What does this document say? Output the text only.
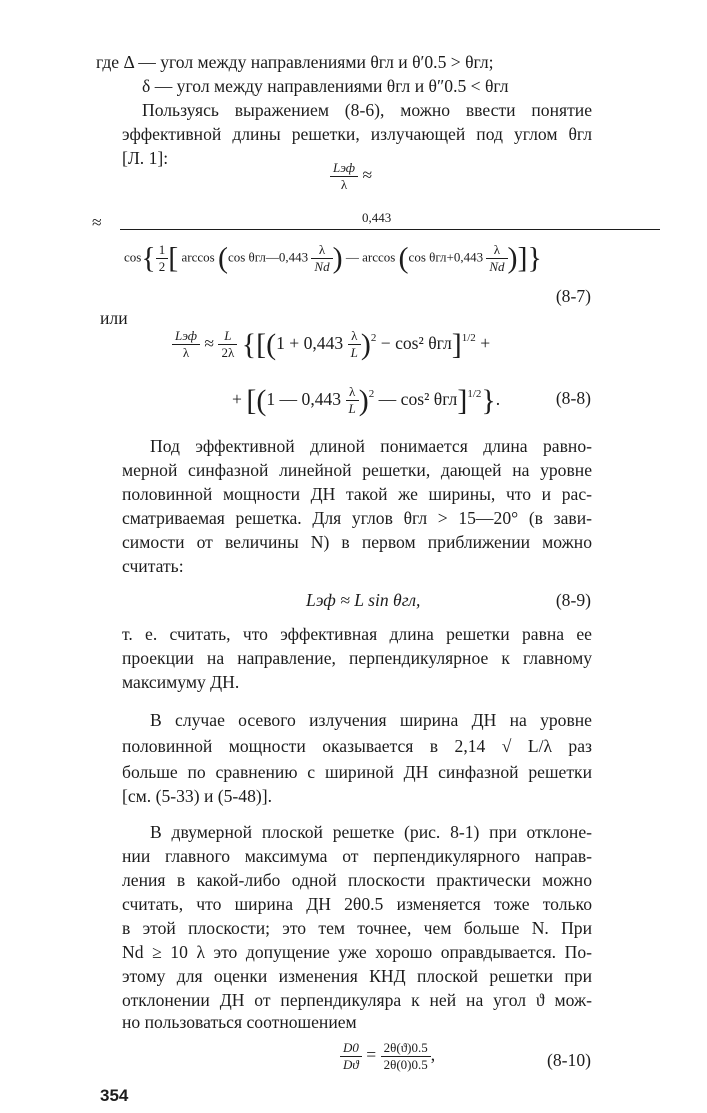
где Δ — угол между направлениями θгл и θ′0.5 > θгл;
δ — угол между направлениями θгл и θ″0.5 < θгл
Пользуясь выражением (8-6), можно ввести понятие
эффективной длины решетки, излучающей под углом θгл
[Л. 1]:
$\frac{\text{Lэф}}{\lambda}$ ≈
≈	0,443
$\cos\{ \frac{1}{2}$ [ arccos (cos θгл—0,443 $\frac{\lambda}{Nd}$ ) — arccos (cos $\theta гл+0,443 \frac{\lambda}{Nd}$ )]}
(8-7)
или
$\frac{\text{Lэф}}{\lambda} \approx \frac{L}{2\lambda} \{[(1 + 0,443 \frac{\lambda}{L} )^2 - \cos^2$ θгл]$^{1/2}$ +
+ [(1 — $0,443 \frac{\lambda}{L} )^2$ — cos² θгл]$^{1/2}$}.	(8-8)
Под эффективной длиной понимается длина равно-
мерной синфазной линейной решетки, дающей на уровне
половинной мощности ДН такой же ширины, что и рас-
сматриваемая решетка. Для углов θгл > 15—20° (в зави-
симости от величины N) в первом приближении можно
считать:
Lэф ≈ L sin θгл,	(8-9)
т. е. считать, что эффективная длина решетки равна ее
проекции на направление, перпендикулярное к главному
максимуму ДН.
В случае осевого излучения ширина ДН на уровне
половинной мощности оказывается в 2,14 √ L/λ раз
больше по сравнению с шириной ДН синфазной решетки
[см. (5-33) и (5-48)].
В двумерной плоской решетке (рис. 8-1) при отклоне-
нии главного максимума от перпендикулярного направ-
ления в какой-либо одной плоскости практически можно
считать, что ширина ДН 2θ0.5 изменяется тоже только
в этой плоскости; это тем точнее, чем больше N. При
Nd ≥ 10 λ это допущение уже хорошо оправдывается. По-
этому для оценки изменения КНД плоской решетки при
отклонении ДН от перпендикуляра к ней на угол ϑ мож-
но пользоваться соотношением
$\frac{D0}{Dϑ} = \frac{2\theta(ϑ)0.5}{2\theta(0)0.5}$ ,	(8-10)
354
